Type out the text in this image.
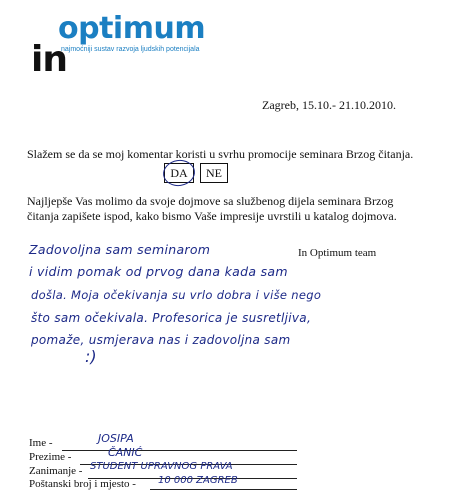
optimum
najmoćniji sustav razvoja ljudskih potencijala
in
Zagreb, 15.10.- 21.10.2010.
Slažem se da se moj komentar koristi u svrhu promocije seminara Brzog čitanja.
DA	NE
Najljepše Vas molimo da svoje dojmove sa službenog dijela seminara Brzog čitanja zapišete ispod, kako bismo Vaše impresije uvrstili u katalog dojmova.
In Optimum team
Zadovoljna sam seminarom
i vidim pomak od prvog dana kada sam
došla. Moja očekivanja su vrlo dobra i više nego
što sam očekivala. Profesorica je susretljiva,
pomaže, usmjerava nas i zadovoljna sam
:)
Ime -	JOSIPA
Prezime -	ČANIĆ
Zanimanje - STUDENT UPRAVNOG PRAVA
Poštanski broj i mjesto - 10 000 ZAGREB
